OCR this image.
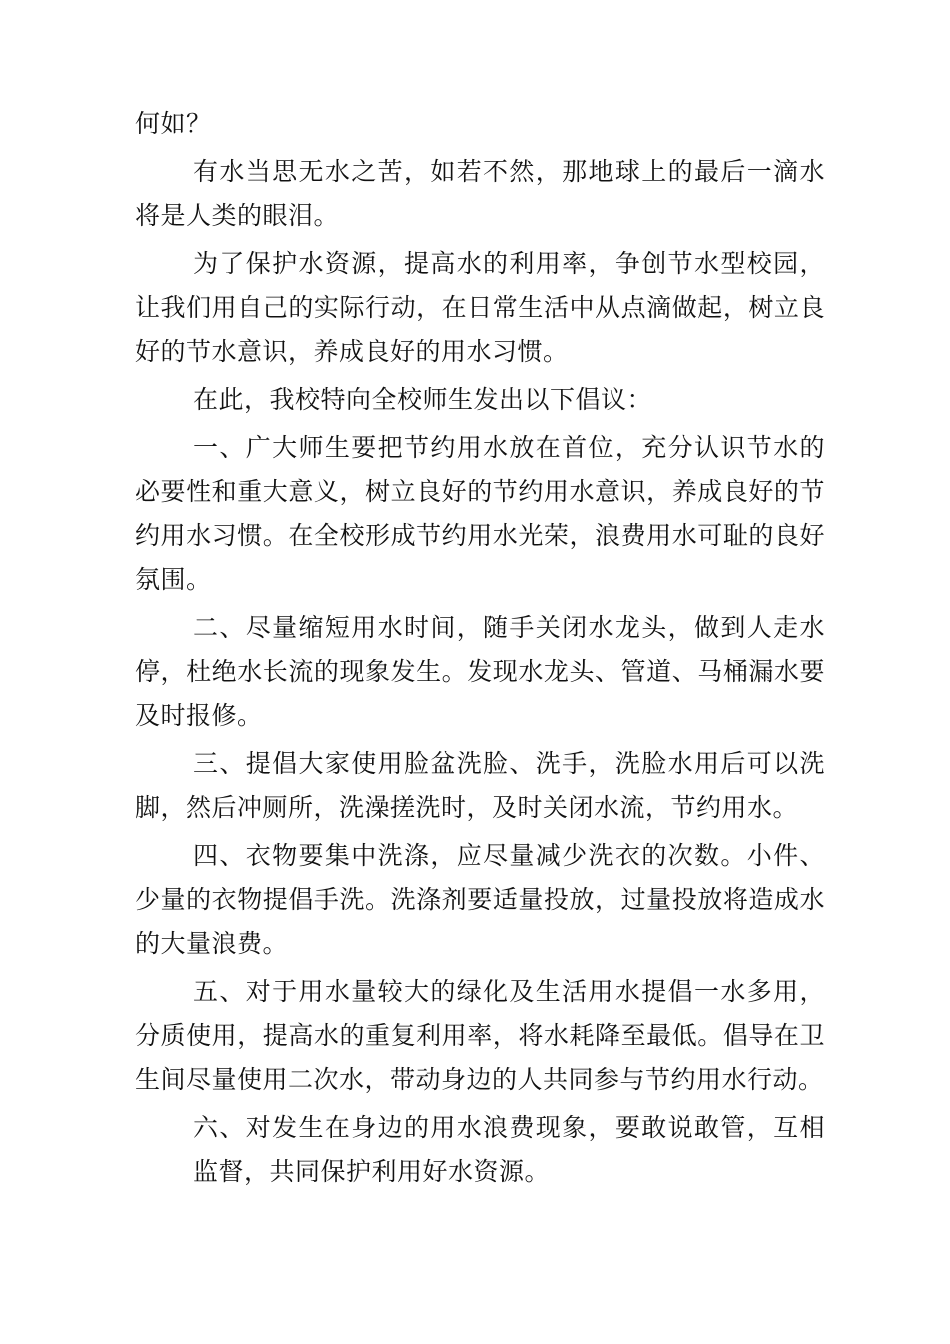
何如？

有水当思无水之苦，如若不然，那地球上的最后一滴水将是人类的眼泪。

为了保护水资源，提高水的利用率，争创节水型校园，让我们用自己的实际行动，在日常生活中从点滴做起，树立良好的节水意识，养成良好的用水习惯。

在此，我校特向全校师生发出以下倡议：

一、广大师生要把节约用水放在首位，充分认识节水的必要性和重大意义，树立良好的节约用水意识，养成良好的节约用水习惯。在全校形成节约用水光荣，浪费用水可耻的良好氛围。

二、尽量缩短用水时间，随手关闭水龙头，做到人走水停，杜绝水长流的现象发生。发现水龙头、管道、马桶漏水要及时报修。

三、提倡大家使用脸盆洗脸、洗手，洗脸水用后可以洗脚，然后冲厕所，洗澡搓洗时，及时关闭水流，节约用水。

四、衣物要集中洗涤，应尽量减少洗衣的次数。小件、少量的衣物提倡手洗。洗涤剂要适量投放，过量投放将造成水的大量浪费。

五、对于用水量较大的绿化及生活用水提倡一水多用，分质使用，提高水的重复利用率，将水耗降至最低。倡导在卫生间尽量使用二次水，带动身边的人共同参与节约用水行动。

六、对发生在身边的用水浪费现象，要敢说敢管，互相监督，共同保护利用好水资源。
